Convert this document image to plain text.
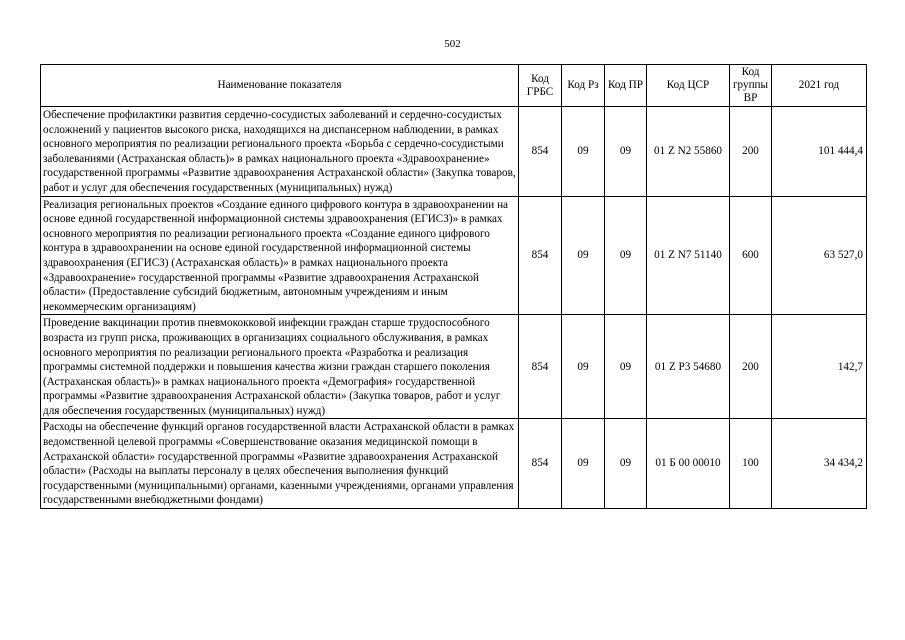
502
Наименование показателя	Код ГРБС	Код Рз	Код ПР	Код ЦСР	Код группы ВР	2021 год
Обеспечение профилактики развития сердечно-сосудистых заболеваний и сердечно-сосудистых осложнений у пациентов высокого риска, находящихся на диспансерном наблюдении, в рамках основного мероприятия по реализации регионального проекта «Борьба с сердечно-сосудистыми заболеваниями (Астраханская область)» в рамках национального проекта «Здравоохранение» государственной программы «Развитие здравоохранения Астраханской области» (Закупка товаров, работ и услуг для обеспечения государственных (муниципальных) нужд)	854	09	09	01 Z N2 55860	200	101 444,4
Реализация региональных проектов «Создание единого цифрового контура в здравоохранении на основе единой государственной информационной системы здравоохранения (ЕГИСЗ)» в рамках основного мероприятия по реализации регионального проекта «Создание единого цифрового контура в здравоохранении на основе единой государственной информационной системы здравоохранения (ЕГИСЗ) (Астраханская область)» в рамках национального проекта «Здравоохранение» государственной программы «Развитие здравоохранения Астраханской области» (Предоставление субсидий бюджетным, автономным учреждениям и иным некоммерческим организациям)	854	09	09	01 Z N7 51140	600	63 527,0
Проведение вакцинации против пневмококковой инфекции граждан старше трудоспособного возраста из групп риска, проживающих в организациях социального обслуживания, в рамках основного мероприятия по реализации регионального проекта «Разработка и реализация программы системной поддержки и повышения качества жизни граждан старшего поколения (Астраханская область)» в рамках национального проекта «Демография» государственной программы «Развитие здравоохранения Астраханской области» (Закупка товаров, работ и услуг для обеспечения государственных (муниципальных) нужд)	854	09	09	01 Z P3 54680	200	142,7
Расходы на обеспечение функций органов государственной власти Астраханской области в рамках ведомственной целевой программы «Совершенствование оказания медицинской помощи в Астраханской области» государственной программы «Развитие здравоохранения Астраханской области» (Расходы на выплаты персоналу в целях обеспечения выполнения функций государственными (муниципальными) органами, казенными учреждениями, органами управления государственными внебюджетными фондами)	854	09	09	01 Б 00 00010	100	34 434,2
